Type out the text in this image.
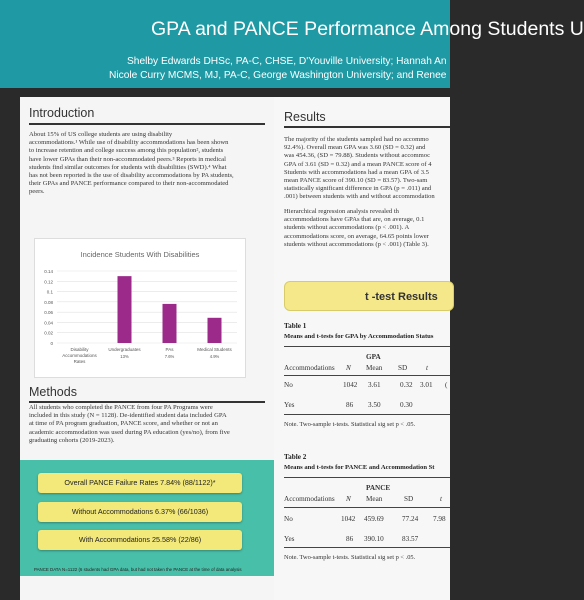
GPA and PANCE Performance Among Students U
Shelby Edwards DHSc, PA-C, CHSE, D'Youville University; Hannah An
Nicole Curry MCMS, MJ, PA-C, George Washington University; and Renee
Introduction
About 15% of US college students are using disability
accommodations.¹ While use of disability accommodations has been shown
to increase retention and college success among this population², students
have lower GPAs than their non-accommodated peers.³ Reports in medical
students find similar outcomes for students with disabilities (SWD).⁴ What
has not been reported is the use of disability accommodations by PA students,
their GPAs and PANCE performance compared to their non-accommodated
peers.
Incidence Students With Disabilities
0
0.02
0.04
0.06
0.08
0.1
0.12
0.14
Disability
Accommodations
Rates
Undergraduates
13%
PAs
7.6%
Medical Students
4.9%
Methods
All students who completed the PANCE from four PA Programs were
included in this study (N = 1128). De-identified student data included GPA
at time of PA program graduation, PANCE score, and whether or not an
academic accommodation was used during PA education (yes/no), from five
graduating cohorts (2019-2023).
Overall PANCE Failure Rates 7.84% (88/1122)*
Without Accommodations 6.37% (66/1036)
With Accommodations 25.58% (22/86)
PANCE DATA N=1122 (6 students had GPA data, but had not taken the PANCE at the time of data analysis
Results
The majority of the students sampled had no accommo
92.4%). Overall mean GPA was 3.60 (SD = 0.32) and
was 454.36, (SD = 79.88). Students without accommoc
GPA of 3.61 (SD = 0.32) and a mean PANCE score of 4
Students with accommodations had a mean GPA of 3.5
mean PANCE score of 390.10 (SD = 83.57). Two-sam
statistically significant difference in GPA (p = .011) and
.001) between students with and without accommodation
Hierarchical regression analysis revealed th
accommodations have GPAs that are, on average, 0.1
students without accommodations (p < .001). A
accommodations score, on average, 64.65 points lower
students without accommodations (p < .001) (Table 3).
t -test Results
Table 1
Means and t-tests for GPA by Accommodation Status
GPA
Accommodations N Mean SD	t
No	1042 3.61	0.32 3.01 (
Yes	86 3.50	0.30
Note. Two-sample t-tests. Statistical sig set p < .05.
Table 2
Means and t-tests for PANCE and Accommodation St
PANCE
Accommodations N Mean	SD	t
No	1042 459.69	77.24 7.98
Yes	86 390.10	83.57
Note. Two-sample t-tests. Statistical sig set p < .05.
